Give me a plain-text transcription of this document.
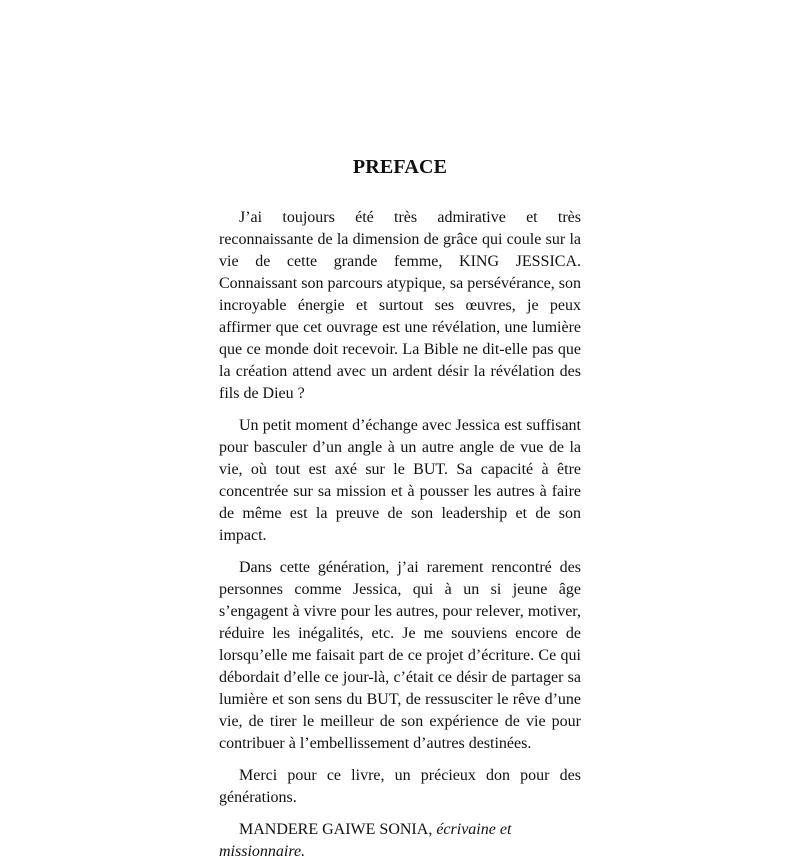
PREFACE

J’ai toujours été très admirative et très reconnaissante de la dimension de grâce qui coule sur la vie de cette grande femme, KING JESSICA. Connaissant son parcours atypique, sa persévérance, son incroyable énergie et surtout ses œuvres, je peux affirmer que cet ouvrage est une révélation, une lumière que ce monde doit recevoir. La Bible ne dit-elle pas que la création attend avec un ardent désir la révélation des fils de Dieu ?

Un petit moment d’échange avec Jessica est suffisant pour basculer d’un angle à un autre angle de vue de la vie, où tout est axé sur le BUT. Sa capacité à être concentrée sur sa mission et à pousser les autres à faire de même est la preuve de son leadership et de son impact.

Dans cette génération, j’ai rarement rencontré des personnes comme Jessica, qui à un si jeune âge s’engagent à vivre pour les autres, pour relever, motiver, réduire les inégalités, etc. Je me souviens encore de lorsqu’elle me faisait part de ce projet d’écriture. Ce qui débordait d’elle ce jour-là, c’était ce désir de partager sa lumière et son sens du BUT, de ressusciter le rêve d’une vie, de tirer le meilleur de son expérience de vie pour contribuer à l’embellissement d’autres destinées.

Merci pour ce livre, un précieux don pour des générations.

MANDERE GAIWE SONIA, écrivaine et missionnaire.
